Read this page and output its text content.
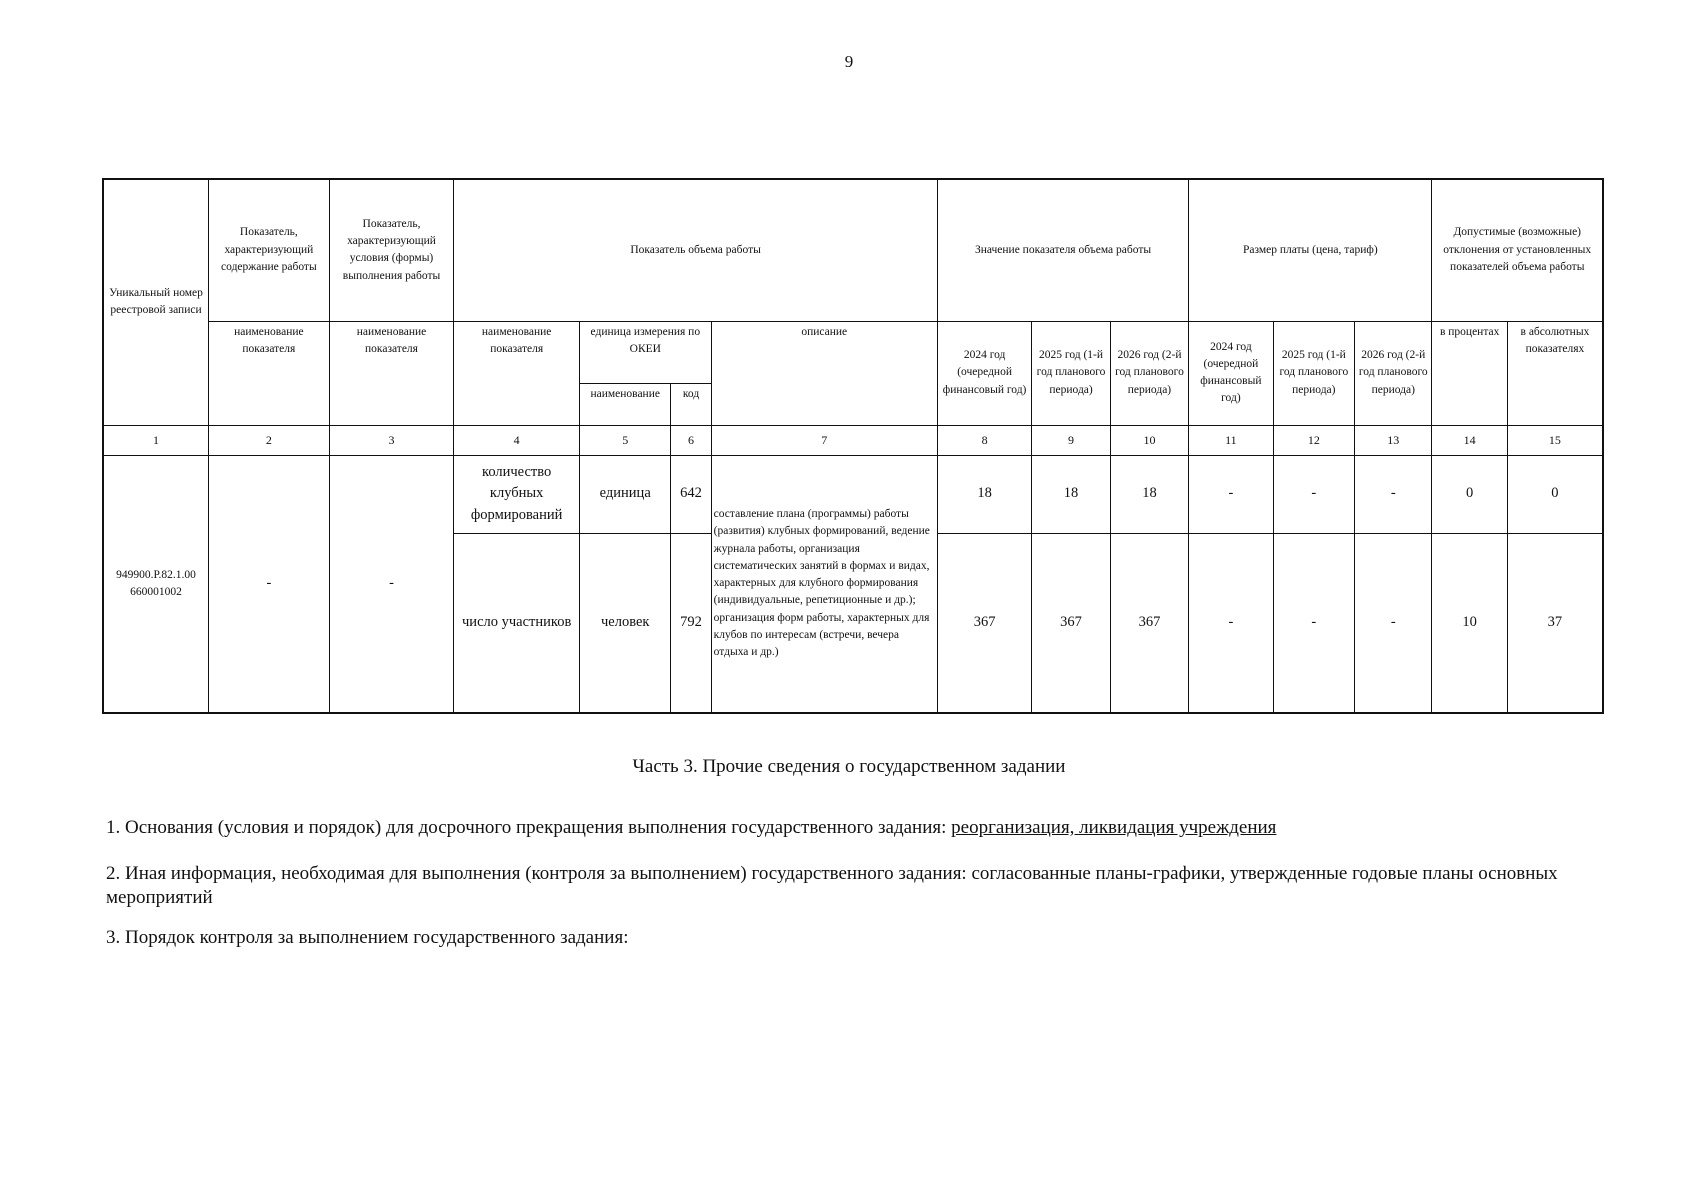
9
Уникальный номер реестровой записи	Показатель, характеризующий содержание работы	Показатель, характеризующий условия (формы) выполнения работы	Показатель объема работы				Значение показателя объема работы			Размер платы (цена, тариф)			Допустимые (возможные) отклонения от установленных показателей объема работы	
	наименование показателя	наименование показателя	наименование показателя	единица измерения по ОКЕИ		описание	2024 год (очередной финансовый год)	2025 год (1-й год планового периода)	2026 год (2-й год планового периода)	2024 год (очередной финансовый год)	2025 год (1-й год планового периода)	2026 год (2-й год планового периода)	в процентах	в абсолютных показателях
				наименование	код									
1	2	3	4	5	6	7	8	9	10	11	12	13	14	15
949900.Р.82.1.00 660001002	-	-	количество клубных формирований	единица	642	составление плана (программы) работы (развития) клубных формирований, ведение журнала работы, организация систематических занятий в формах и видах, характерных для клубного формирования (индивидуальные, репетиционные и др.); организация форм работы, характерных для клубов по интересам (встречи, вечера отдыха и др.)	18	18	18	-	-	-	0	0
			число участников	человек	792		367	367	367	-	-	-	10	37
Часть 3. Прочие сведения о государственном задании
1. Основания (условия и порядок) для досрочного прекращения выполнения государственного задания: реорганизация, ликвидация учреждения
2. Иная информация, необходимая для выполнения (контроля за выполнением) государственного задания: согласованные планы-графики, утвержденные годовые планы основных мероприятий
3. Порядок контроля за выполнением государственного задания:
